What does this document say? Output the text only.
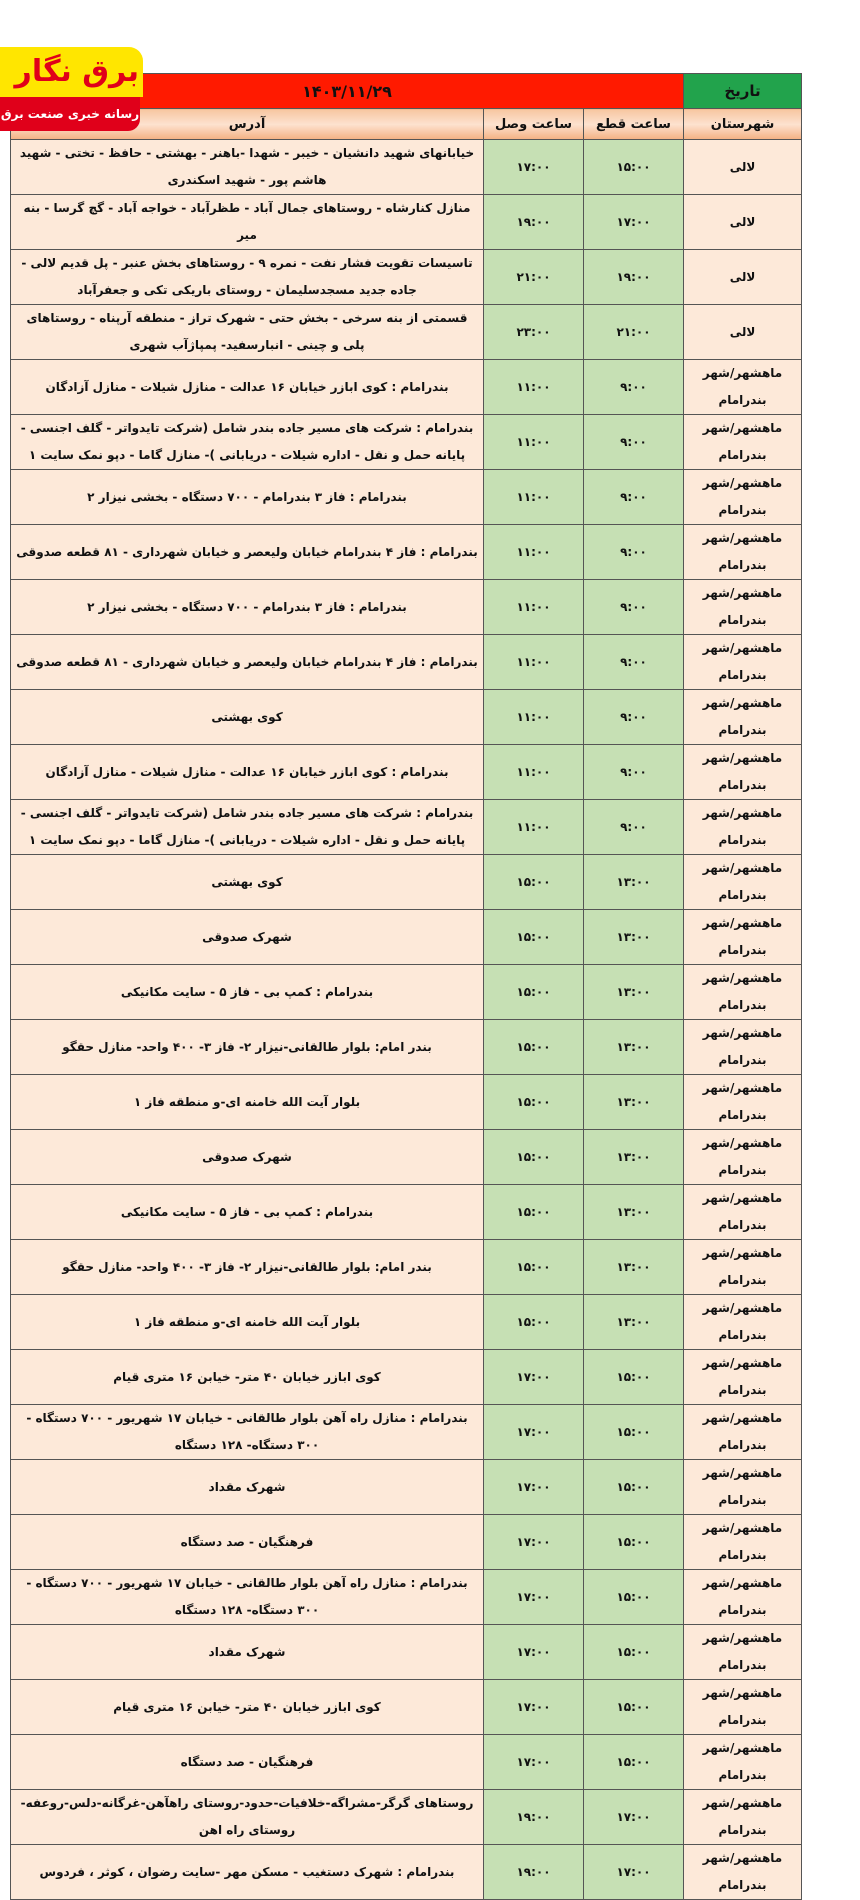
برق نگار
رسانه خبری صنعت برق
تاریخ	۱۴۰۳/۱۱/۲۹		
شهرستان	ساعت قطع	ساعت وصل	آدرس
لالی	۱۵:۰۰	۱۷:۰۰	خیابانهای شهید دانشیان - خیبر - شهدا -باهنر - بهشتی - حافظ - تختی - شهید هاشم پور - شهید اسکندری
لالی	۱۷:۰۰	۱۹:۰۰	منازل کنارشاه - روستاهای جمال آباد - طظرآباد - خواجه آباد - گچ گرسا - بنه میر
لالی	۱۹:۰۰	۲۱:۰۰	تاسیسات تقویت فشار نفت - نمره ۹ - روستاهای بخش عنبر - پل قدیم لالی - جاده جدید مسجدسلیمان - روستای باریکی تکی و جعفرآباد
لالی	۲۱:۰۰	۲۳:۰۰	قسمتی از بنه سرخی - بخش حتی - شهرک تراز - منطقه آرپناه - روستاهای پلی و چینی - انبارسفید- پمپاژآب شهری
ماهشهر/شهر بندرامام	۹:۰۰	۱۱:۰۰	بندرامام : کوی ابازر خیابان ۱۶ عدالت - منازل شیلات - منازل آزادگان
ماهشهر/شهر بندرامام	۹:۰۰	۱۱:۰۰	بندرامام : شرکت های مسیر جاده بندر شامل (شرکت تایدواتر - گلف اجنسی - پایانه حمل و نقل - اداره شیلات - دریابانی )- منازل گاما - دپو نمک سایت ۱
ماهشهر/شهر بندرامام	۹:۰۰	۱۱:۰۰	بندرامام : فاز ۳ بندرامام - ۷۰۰ دستگاه - بخشی نیزار ۲
ماهشهر/شهر بندرامام	۹:۰۰	۱۱:۰۰	بندرامام : فاز ۴ بندرامام خیابان ولیعصر و خیابان شهرداری - ۸۱ قطعه صدوقی
ماهشهر/شهر بندرامام	۹:۰۰	۱۱:۰۰	بندرامام : فاز ۳ بندرامام - ۷۰۰ دستگاه - بخشی نیزار ۲
ماهشهر/شهر بندرامام	۹:۰۰	۱۱:۰۰	بندرامام : فاز ۴ بندرامام خیابان ولیعصر و خیابان شهرداری - ۸۱ قطعه صدوقی
ماهشهر/شهر بندرامام	۹:۰۰	۱۱:۰۰	کوی بهشتی
ماهشهر/شهر بندرامام	۹:۰۰	۱۱:۰۰	بندرامام : کوی ابازر خیابان ۱۶ عدالت - منازل شیلات - منازل آزادگان
ماهشهر/شهر بندرامام	۹:۰۰	۱۱:۰۰	بندرامام : شرکت های مسیر جاده بندر شامل (شرکت تایدواتر - گلف اجنسی - پایانه حمل و نقل - اداره شیلات - دریابانی )- منازل گاما - دپو نمک سایت ۱
ماهشهر/شهر بندرامام	۱۳:۰۰	۱۵:۰۰	کوی بهشتی
ماهشهر/شهر بندرامام	۱۳:۰۰	۱۵:۰۰	شهرک صدوقی
ماهشهر/شهر بندرامام	۱۳:۰۰	۱۵:۰۰	بندرامام : کمپ بی - فاز ۵ - سایت مکانیکی
ماهشهر/شهر بندرامام	۱۳:۰۰	۱۵:۰۰	بندر امام: بلوار طالقانی-نیزار ۲- فاز ۳- ۴۰۰ واحد- منازل حقگو
ماهشهر/شهر بندرامام	۱۳:۰۰	۱۵:۰۰	بلوار آیت الله خامنه ای-و منطقه فاز ۱
ماهشهر/شهر بندرامام	۱۳:۰۰	۱۵:۰۰	شهرک صدوقی
ماهشهر/شهر بندرامام	۱۳:۰۰	۱۵:۰۰	بندرامام : کمپ بی - فاز ۵ - سایت مکانیکی
ماهشهر/شهر بندرامام	۱۳:۰۰	۱۵:۰۰	بندر امام: بلوار طالقانی-نیزار ۲- فاز ۳- ۴۰۰ واحد- منازل حقگو
ماهشهر/شهر بندرامام	۱۳:۰۰	۱۵:۰۰	بلوار آیت الله خامنه ای-و منطقه فاز ۱
ماهشهر/شهر بندرامام	۱۵:۰۰	۱۷:۰۰	کوی ابازر خیابان ۴۰ متر- خیابن ۱۶ متری قیام
ماهشهر/شهر بندرامام	۱۵:۰۰	۱۷:۰۰	بندرامام : منازل راه آهن بلوار طالقانی - خیابان ۱۷ شهریور - ۷۰۰ دستگاه - ۳۰۰ دستگاه- ۱۲۸ دستگاه
ماهشهر/شهر بندرامام	۱۵:۰۰	۱۷:۰۰	شهرک مقداد
ماهشهر/شهر بندرامام	۱۵:۰۰	۱۷:۰۰	فرهنگیان - صد دستگاه
ماهشهر/شهر بندرامام	۱۵:۰۰	۱۷:۰۰	بندرامام : منازل راه آهن بلوار طالقانی - خیابان ۱۷ شهریور - ۷۰۰ دستگاه - ۳۰۰ دستگاه- ۱۲۸ دستگاه
ماهشهر/شهر بندرامام	۱۵:۰۰	۱۷:۰۰	شهرک مقداد
ماهشهر/شهر بندرامام	۱۵:۰۰	۱۷:۰۰	کوی ابازر خیابان ۴۰ متر- خیابن ۱۶ متری قیام
ماهشهر/شهر بندرامام	۱۵:۰۰	۱۷:۰۰	فرهنگیان - صد دستگاه
ماهشهر/شهر بندرامام	۱۷:۰۰	۱۹:۰۰	روستاهای گرگر-مشراگه-خلافیات-حدود-روستای راهآهن-غرگانه-دلس-روعفه- روستای راه اهن
ماهشهر/شهر بندرامام	۱۷:۰۰	۱۹:۰۰	بندرامام : شهرک دستغیب - مسکن مهر -سایت رضوان ، کوثر ، فردوس
